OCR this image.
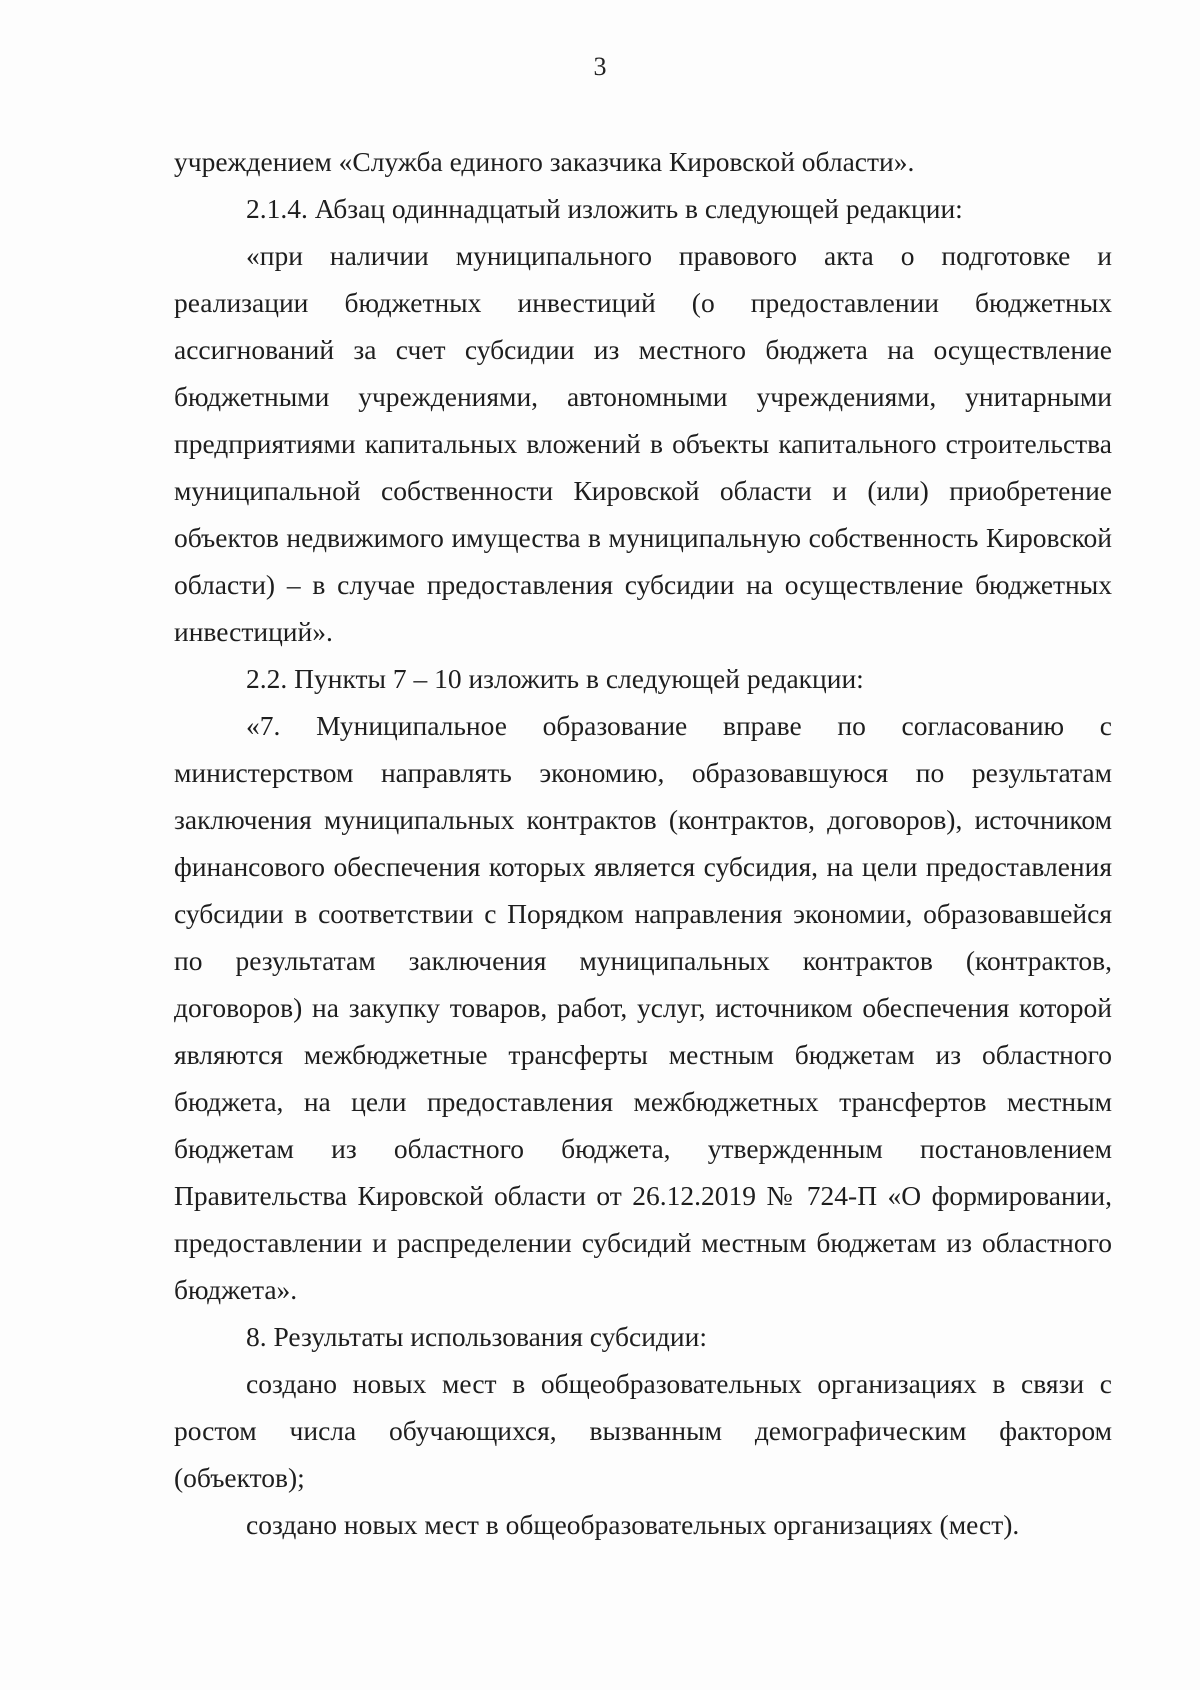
3

учреждением «Служба единого заказчика Кировской области».

2.1.4. Абзац одиннадцатый изложить в следующей редакции:

«при наличии муниципального правового акта о подготовке и реализации бюджетных инвестиций (о предоставлении бюджетных ассигнований за счет субсидии из местного бюджета на осуществление бюджетными учреждениями, автономными учреждениями, унитарными предприятиями капитальных вложений в объекты капитального строительства муниципальной собственности Кировской области и (или) приобретение объектов недвижимого имущества в муниципальную собственность Кировской области) – в случае предоставления субсидии на осуществление бюджетных инвестиций».

2.2. Пункты 7 – 10 изложить в следующей редакции:

«7. Муниципальное образование вправе по согласованию с министерством направлять экономию, образовавшуюся по результатам заключения муниципальных контрактов (контрактов, договоров), источником финансового обеспечения которых является субсидия, на цели предоставления субсидии в соответствии с Порядком направления экономии, образовавшейся по результатам заключения муниципальных контрактов (контрактов, договоров) на закупку товаров, работ, услуг, источником обеспечения которой являются межбюджетные трансферты местным бюджетам из областного бюджета, на цели предоставления межбюджетных трансфертов местным бюджетам из областного бюджета, утвержденным постановлением Правительства Кировской области от 26.12.2019 № 724-П «О формировании, предоставлении и распределении субсидий местным бюджетам из областного бюджета».

8. Результаты использования субсидии:

создано новых мест в общеобразовательных организациях в связи с ростом числа обучающихся, вызванным демографическим фактором (объектов);

создано новых мест в общеобразовательных организациях (мест).
